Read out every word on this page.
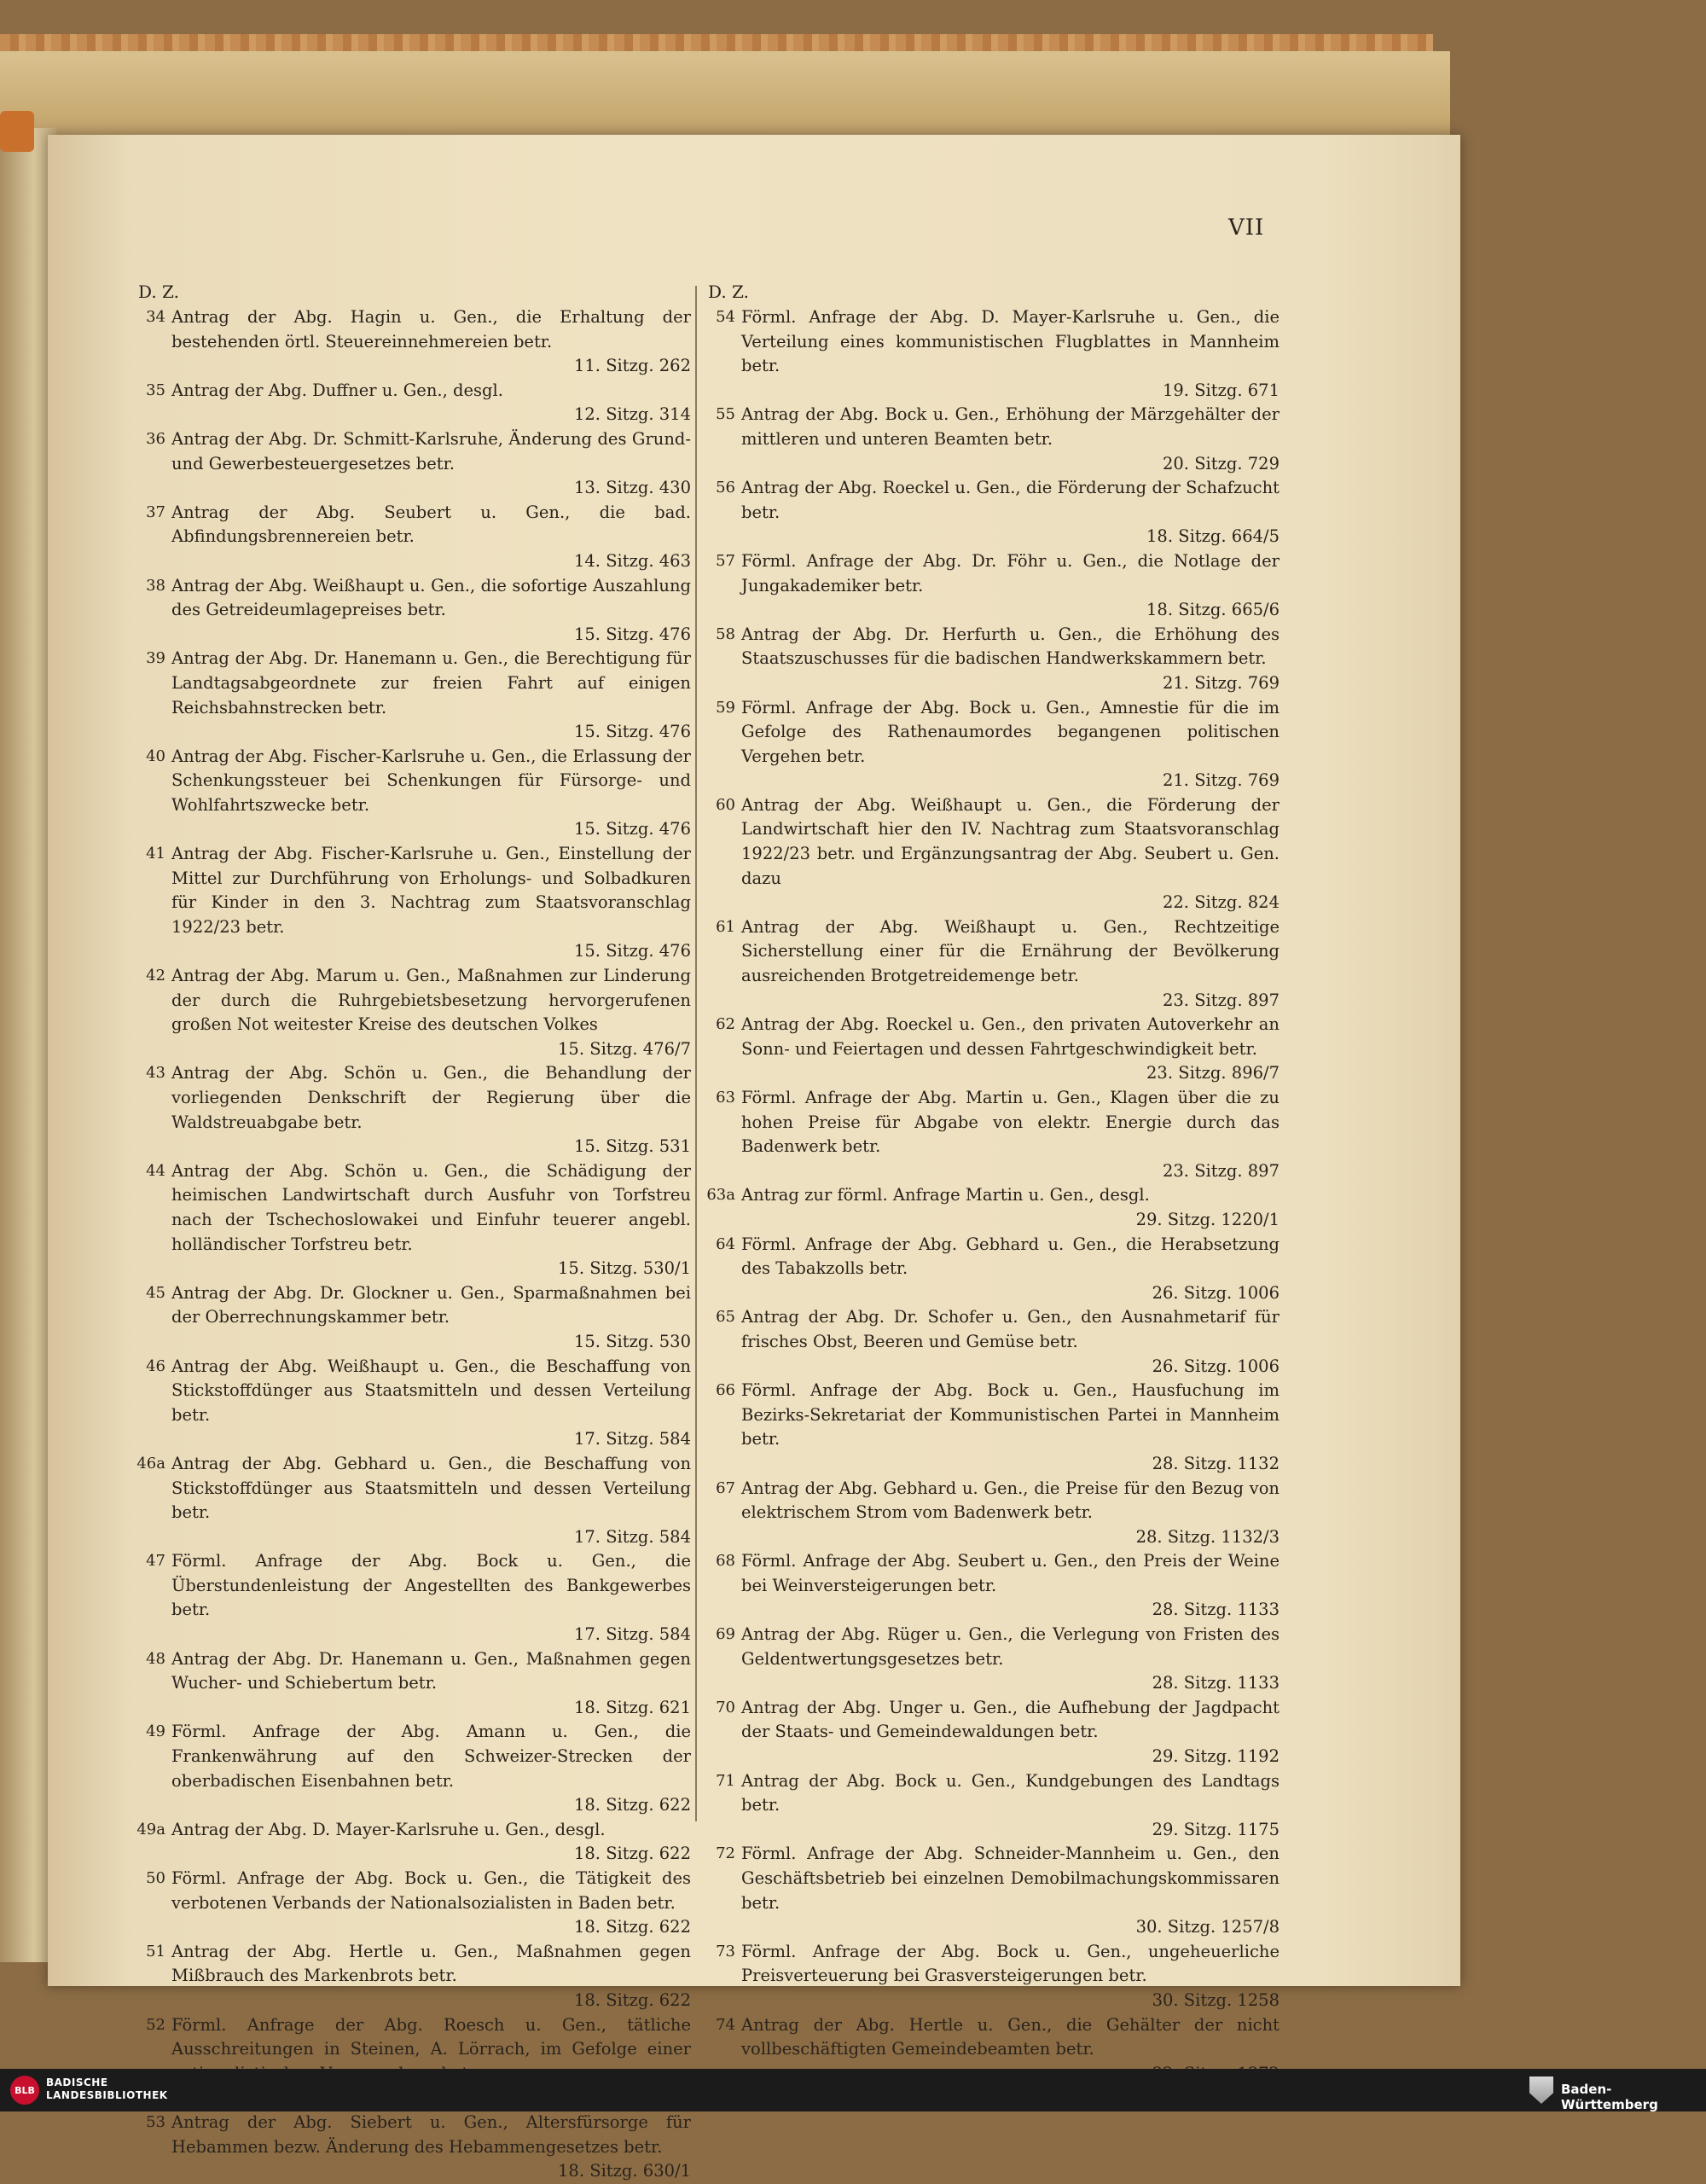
VII
D. Z.
34 Antrag der Abg. Hagin u. Gen., die Erhaltung der bestehenden örtl. Steuereinnehmereien betr.
11. Sitzg. 262
35 Antrag der Abg. Duffner u. Gen., desgl.
12. Sitzg. 314
36 Antrag der Abg. Dr. Schmitt-Karlsruhe, Änderung des Grund- und Gewerbesteuergesetzes betr.
13. Sitzg. 430
37 Antrag der Abg. Seubert u. Gen., die bad. Abfindungsbrennereien betr.
14. Sitzg. 463
38 Antrag der Abg. Weißhaupt u. Gen., die sofortige Auszahlung des Getreideumlagepreises betr.
15. Sitzg. 476
39 Antrag der Abg. Dr. Hanemann u. Gen., die Berechtigung für Landtagsabgeordnete zur freien Fahrt auf einigen Reichsbahnstrecken betr.
15. Sitzg. 476
40 Antrag der Abg. Fischer-Karlsruhe u. Gen., die Erlassung der Schenkungssteuer bei Schenkungen für Fürsorge- und Wohlfahrtszwecke betr.
15. Sitzg. 476
41 Antrag der Abg. Fischer-Karlsruhe u. Gen., Einstellung der Mittel zur Durchführung von Erholungs- und Solbadkuren für Kinder in den 3. Nachtrag zum Staatsvoranschlag 1922/23 betr.
15. Sitzg. 476
42 Antrag der Abg. Marum u. Gen., Maßnahmen zur Linderung der durch die Ruhrgebietsbesetzung hervorgerufenen großen Not weitester Kreise des deutschen Volkes
15. Sitzg. 476/7
43 Antrag der Abg. Schön u. Gen., die Behandlung der vorliegenden Denkschrift der Regierung über die Waldstreuabgabe betr.
15. Sitzg. 531
44 Antrag der Abg. Schön u. Gen., die Schädigung der heimischen Landwirtschaft durch Ausfuhr von Torfstreu nach der Tschechoslowakei und Einfuhr teuerer angebl. holländischer Torfstreu betr.
15. Sitzg. 530/1
45 Antrag der Abg. Dr. Glockner u. Gen., Sparmaßnahmen bei der Oberrechnungskammer betr.
15. Sitzg. 530
46 Antrag der Abg. Weißhaupt u. Gen., die Beschaffung von Stickstoffdünger aus Staatsmitteln und dessen Verteilung betr.
17. Sitzg. 584
46a Antrag der Abg. Gebhard u. Gen., die Beschaffung von Stickstoffdünger aus Staatsmitteln und dessen Verteilung betr.
17. Sitzg. 584
47 Förml. Anfrage der Abg. Bock u. Gen., die Überstundenleistung der Angestellten des Bankgewerbes betr.
17. Sitzg. 584
48 Antrag der Abg. Dr. Hanemann u. Gen., Maßnahmen gegen Wucher- und Schiebertum betr.
18. Sitzg. 621
49 Förml. Anfrage der Abg. Amann u. Gen., die Frankenwährung auf den Schweizer-Strecken der oberbadischen Eisenbahnen betr.
18. Sitzg. 622
49a Antrag der Abg. D. Mayer-Karlsruhe u. Gen., desgl.
18. Sitzg. 622
50 Förml. Anfrage der Abg. Bock u. Gen., die Tätigkeit des verbotenen Verbands der Nationalsozialisten in Baden betr.
18. Sitzg. 622
51 Antrag der Abg. Hertle u. Gen., Maßnahmen gegen Mißbrauch des Markenbrots betr.
18. Sitzg. 622
52 Förml. Anfrage der Abg. Roesch u. Gen., tätliche Ausschreitungen in Steinen, A. Lörrach, im Gefolge einer
53 Antrag der Abg. Siebert u. Gen., Altersfürsorge für Hebammen bezw. Änderung des Hebammengesetzes betr.
18. Sitzg. 630/1
D. Z.
54 Förml. Anfrage der Abg. D. Mayer-Karlsruhe u. Gen., die Verteilung eines kommunistischen Flugblattes in Mannheim betr.
19. Sitzg. 671
55 Antrag der Abg. Bock u. Gen., Erhöhung der Märzgehälter der mittleren und unteren Beamten betr.
20. Sitzg. 729
56 Antrag der Abg. Roeckel u. Gen., die Förderung der Schafzucht betr.
18. Sitzg. 664/5
57 Förml. Anfrage der Abg. Dr. Föhr u. Gen., die Notlage der Jungakademiker betr.
18. Sitzg. 665/6
58 Antrag der Abg. Dr. Herfurth u. Gen., die Erhöhung des Staatszuschusses für die badischen Handwerkskammern betr.
21. Sitzg. 769
59 Förml. Anfrage der Abg. Bock u. Gen., Amnestie für die im Gefolge des Rathenaumordes begangenen politischen Vergehen betr.
21. Sitzg. 769
60 Antrag der Abg. Weißhaupt u. Gen., die Förderung der Landwirtschaft hier den IV. Nachtrag zum Staatsvoranschlag 1922/23 betr. und Ergänzungsantrag der Abg. Seubert u. Gen. dazu
22. Sitzg. 824
61 Antrag der Abg. Weißhaupt u. Gen., Rechtzeitige Sicherstellung einer für die Ernährung der Bevölkerung ausreichenden Brotgetreidemenge betr.
23. Sitzg. 897
62 Antrag der Abg. Roeckel u. Gen., den privaten Autoverkehr an Sonn- und Feiertagen und dessen Fahrtgeschwindigkeit betr.
23. Sitzg. 896/7
63 Förml. Anfrage der Abg. Martin u. Gen., Klagen über die zu hohen Preise für Abgabe von elektr. Energie durch das Badenwerk betr.
23. Sitzg. 897
63a Antrag zur förml. Anfrage Martin u. Gen., desgl.
29. Sitzg. 1220/1
64 Förml. Anfrage der Abg. Gebhard u. Gen., die Herabsetzung des Tabakzolls betr.
26. Sitzg. 1006
65 Antrag der Abg. Dr. Schofer u. Gen., den Ausnahmetarif für frisches Obst, Beeren und Gemüse betr.
26. Sitzg. 1006
66 Förml. Anfrage der Abg. Bock u. Gen., Hausfuchung im Bezirks-Sekretariat der Kommunistischen Partei in Mannheim betr.
28. Sitzg. 1132
67 Antrag der Abg. Gebhard u. Gen., die Preise für den Bezug von elektrischem Strom vom Badenwerk betr.
28. Sitzg. 1132/3
68 Förml. Anfrage der Abg. Seubert u. Gen., den Preis der Weine bei Weinversteigerungen betr.
28. Sitzg. 1133
69 Antrag der Abg. Rüger u. Gen., die Verlegung von Fristen des Geldentwertungsgesetzes betr.
28. Sitzg. 1133
70 Antrag der Abg. Unger u. Gen., die Aufhebung der Jagdpacht der Staats- und Gemeindewaldungen betr.
29. Sitzg. 1192
71 Antrag der Abg. Bock u. Gen., Kundgebungen des Landtags betr.
29. Sitzg. 1175
72 Förml. Anfrage der Abg. Schneider-Mannheim u. Gen., den Geschäftsbetrieb bei einzelnen Demobilmachungskommissaren betr.
30. Sitzg. 1257/8
73 Förml. Anfrage der Abg. Bock u. Gen., ungeheuerliche Preisverteuerung bei Grasversteigerungen betr.
30. Sitzg. 1258
74 Antrag der Abg. Hertle u. Gen., die Gehälter der nicht vollbeschäftigten Gemeindebeamten betr.
BLB
BADISCHE
LANDESBIBLIOTHEK	Baden-Württemberg
